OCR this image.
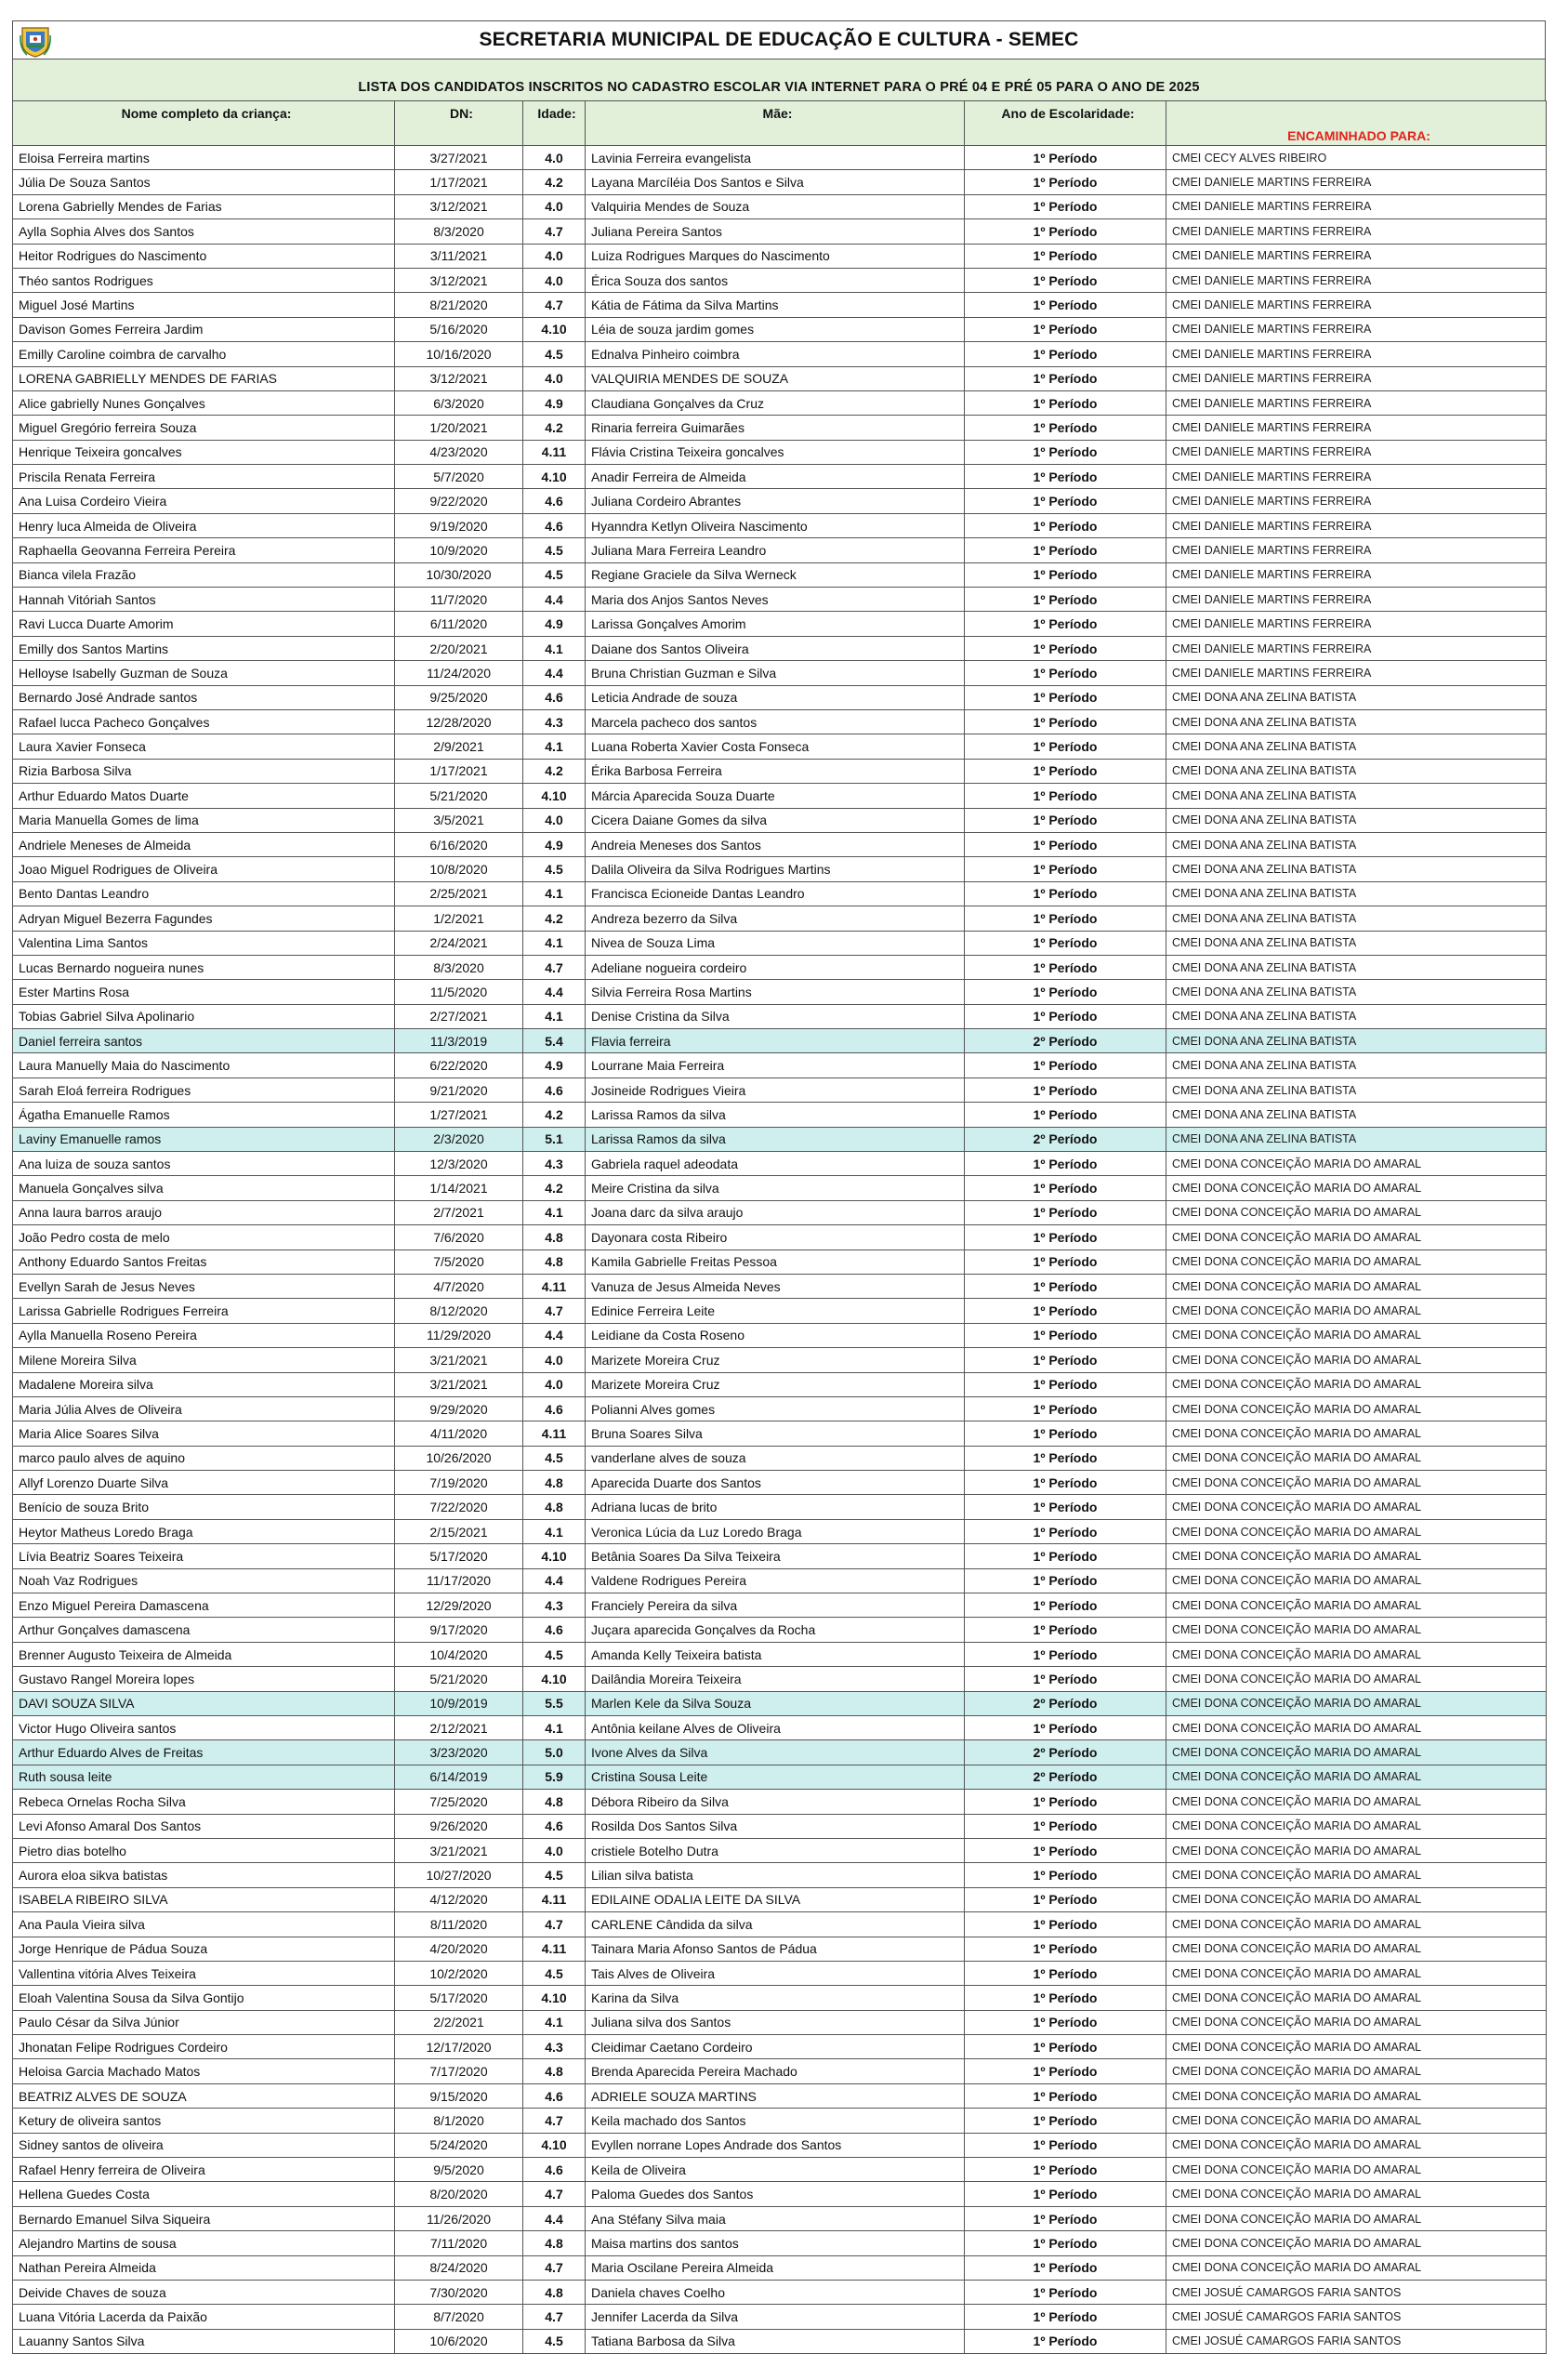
SECRETARIA MUNICIPAL DE EDUCAÇÃO E CULTURA - SEMEC
LISTA DOS CANDIDATOS INSCRITOS NO CADASTRO ESCOLAR VIA INTERNET PARA O PRÉ 04 E PRÉ 05 PARA O ANO DE 2025
Nome completo da criança:	DN:	Idade:	Mãe:	Ano de Escolaridade:	ENCAMINHADO PARA:
Eloisa Ferreira martins	3/27/2021	4.0	Lavinia Ferreira evangelista	1º Período	CMEI CECY ALVES RIBEIRO
Júlia De Souza Santos	1/17/2021	4.2	Layana Marcíléia Dos Santos e Silva	1º Período	CMEI DANIELE MARTINS FERREIRA
Lorena Gabrielly Mendes de Farias	3/12/2021	4.0	Valquiria Mendes de Souza	1º Período	CMEI DANIELE MARTINS FERREIRA
Aylla Sophia Alves dos Santos	8/3/2020	4.7	Juliana Pereira Santos	1º Período	CMEI DANIELE MARTINS FERREIRA
Heitor Rodrigues do Nascimento	3/11/2021	4.0	Luiza Rodrigues Marques do Nascimento	1º Período	CMEI DANIELE MARTINS FERREIRA
Théo santos Rodrigues	3/12/2021	4.0	Érica Souza dos santos	1º Período	CMEI DANIELE MARTINS FERREIRA
Miguel José Martins	8/21/2020	4.7	Kátia de Fátima da Silva Martins	1º Período	CMEI DANIELE MARTINS FERREIRA
Davison Gomes Ferreira Jardim	5/16/2020	4.10	Léia de souza jardim gomes	1º Período	CMEI DANIELE MARTINS FERREIRA
Emilly Caroline coimbra de carvalho	10/16/2020	4.5	Ednalva Pinheiro coimbra	1º Período	CMEI DANIELE MARTINS FERREIRA
LORENA GABRIELLY MENDES DE FARIAS	3/12/2021	4.0	VALQUIRIA MENDES DE SOUZA	1º Período	CMEI DANIELE MARTINS FERREIRA
Alice gabrielly Nunes Gonçalves	6/3/2020	4.9	Claudiana Gonçalves da Cruz	1º Período	CMEI DANIELE MARTINS FERREIRA
Miguel Gregório ferreira Souza	1/20/2021	4.2	Rinaria ferreira Guimarães	1º Período	CMEI DANIELE MARTINS FERREIRA
Henrique Teixeira goncalves	4/23/2020	4.11	Flávia Cristina Teixeira goncalves	1º Período	CMEI DANIELE MARTINS FERREIRA
Priscila Renata Ferreira	5/7/2020	4.10	Anadir Ferreira de Almeida	1º Período	CMEI DANIELE MARTINS FERREIRA
Ana Luisa Cordeiro Vieira	9/22/2020	4.6	Juliana Cordeiro Abrantes	1º Período	CMEI DANIELE MARTINS FERREIRA
Henry luca Almeida de Oliveira	9/19/2020	4.6	Hyanndra Ketlyn Oliveira Nascimento	1º Período	CMEI DANIELE MARTINS FERREIRA
Raphaella Geovanna Ferreira Pereira	10/9/2020	4.5	Juliana Mara Ferreira Leandro	1º Período	CMEI DANIELE MARTINS FERREIRA
Bianca vilela Frazão	10/30/2020	4.5	Regiane Graciele da Silva Werneck	1º Período	CMEI DANIELE MARTINS FERREIRA
Hannah Vitóriah Santos	11/7/2020	4.4	Maria dos Anjos Santos Neves	1º Período	CMEI DANIELE MARTINS FERREIRA
Ravi Lucca Duarte Amorim	6/11/2020	4.9	Larissa Gonçalves Amorim	1º Período	CMEI DANIELE MARTINS FERREIRA
Emilly dos Santos Martins	2/20/2021	4.1	Daiane dos Santos Oliveira	1º Período	CMEI DANIELE MARTINS FERREIRA
Helloyse Isabelly Guzman de Souza	11/24/2020	4.4	Bruna Christian Guzman e Silva	1º Período	CMEI DANIELE MARTINS FERREIRA
Bernardo José Andrade santos	9/25/2020	4.6	Leticia Andrade de souza	1º Período	CMEI DONA ANA ZELINA BATISTA
Rafael lucca Pacheco Gonçalves	12/28/2020	4.3	Marcela pacheco dos santos	1º Período	CMEI DONA ANA ZELINA BATISTA
Laura Xavier Fonseca	2/9/2021	4.1	Luana Roberta Xavier Costa Fonseca	1º Período	CMEI DONA ANA ZELINA BATISTA
Rizia Barbosa Silva	1/17/2021	4.2	Érika Barbosa Ferreira	1º Período	CMEI DONA ANA ZELINA BATISTA
Arthur Eduardo Matos Duarte	5/21/2020	4.10	Márcia Aparecida Souza Duarte	1º Período	CMEI DONA ANA ZELINA BATISTA
Maria Manuella Gomes de lima	3/5/2021	4.0	Cicera Daiane Gomes da silva	1º Período	CMEI DONA ANA ZELINA BATISTA
Andriele Meneses de Almeida	6/16/2020	4.9	Andreia Meneses dos Santos	1º Período	CMEI DONA ANA ZELINA BATISTA
Joao Miguel Rodrigues de Oliveira	10/8/2020	4.5	Dalila Oliveira da Silva Rodrigues Martins	1º Período	CMEI DONA ANA ZELINA BATISTA
Bento Dantas Leandro	2/25/2021	4.1	Francisca Ecioneide Dantas Leandro	1º Período	CMEI DONA ANA ZELINA BATISTA
Adryan Miguel Bezerra Fagundes	1/2/2021	4.2	Andreza bezerro da Silva	1º Período	CMEI DONA ANA ZELINA BATISTA
Valentina Lima Santos	2/24/2021	4.1	Nivea de Souza Lima	1º Período	CMEI DONA ANA ZELINA BATISTA
Lucas Bernardo nogueira nunes	8/3/2020	4.7	Adeliane nogueira cordeiro	1º Período	CMEI DONA ANA ZELINA BATISTA
Ester Martins Rosa	11/5/2020	4.4	Silvia Ferreira Rosa Martins	1º Período	CMEI DONA ANA ZELINA BATISTA
Tobias Gabriel Silva Apolinario	2/27/2021	4.1	Denise Cristina da Silva	1º Período	CMEI DONA ANA ZELINA BATISTA
Daniel ferreira santos	11/3/2019	5.4	Flavia ferreira	2º Período	CMEI DONA ANA ZELINA BATISTA
Laura Manuelly Maia do Nascimento	6/22/2020	4.9	Lourrane Maia Ferreira	1º Período	CMEI DONA ANA ZELINA BATISTA
Sarah Eloá ferreira Rodrigues	9/21/2020	4.6	Josineide Rodrigues Vieira	1º Período	CMEI DONA ANA ZELINA BATISTA
Ágatha Emanuelle Ramos	1/27/2021	4.2	Larissa Ramos da silva	1º Período	CMEI DONA ANA ZELINA BATISTA
Laviny Emanuelle ramos	2/3/2020	5.1	Larissa Ramos da silva	2º Período	CMEI DONA ANA ZELINA BATISTA
Ana luiza de souza santos	12/3/2020	4.3	Gabriela raquel adeodata	1º Período	CMEI DONA CONCEIÇÃO MARIA DO AMARAL
Manuela Gonçalves silva	1/14/2021	4.2	Meire Cristina da silva	1º Período	CMEI DONA CONCEIÇÃO MARIA DO AMARAL
Anna laura barros araujo	2/7/2021	4.1	Joana darc da silva araujo	1º Período	CMEI DONA CONCEIÇÃO MARIA DO AMARAL
João Pedro costa de melo	7/6/2020	4.8	Dayonara costa Ribeiro	1º Período	CMEI DONA CONCEIÇÃO MARIA DO AMARAL
Anthony Eduardo Santos Freitas	7/5/2020	4.8	Kamila Gabrielle Freitas Pessoa	1º Período	CMEI DONA CONCEIÇÃO MARIA DO AMARAL
Evellyn Sarah de Jesus Neves	4/7/2020	4.11	Vanuza de Jesus Almeida Neves	1º Período	CMEI DONA CONCEIÇÃO MARIA DO AMARAL
Larissa Gabrielle Rodrigues Ferreira	8/12/2020	4.7	Edinice Ferreira Leite	1º Período	CMEI DONA CONCEIÇÃO MARIA DO AMARAL
Aylla Manuella Roseno Pereira	11/29/2020	4.4	Leidiane da Costa Roseno	1º Período	CMEI DONA CONCEIÇÃO MARIA DO AMARAL
Milene Moreira Silva	3/21/2021	4.0	Marizete Moreira Cruz	1º Período	CMEI DONA CONCEIÇÃO MARIA DO AMARAL
Madalene Moreira silva	3/21/2021	4.0	Marizete Moreira Cruz	1º Período	CMEI DONA CONCEIÇÃO MARIA DO AMARAL
Maria Júlia Alves de Oliveira	9/29/2020	4.6	Polianni Alves gomes	1º Período	CMEI DONA CONCEIÇÃO MARIA DO AMARAL
Maria Alice Soares Silva	4/11/2020	4.11	Bruna Soares Silva	1º Período	CMEI DONA CONCEIÇÃO MARIA DO AMARAL
marco paulo alves de aquino	10/26/2020	4.5	vanderlane alves de souza	1º Período	CMEI DONA CONCEIÇÃO MARIA DO AMARAL
Allyf Lorenzo Duarte Silva	7/19/2020	4.8	Aparecida Duarte dos Santos	1º Período	CMEI DONA CONCEIÇÃO MARIA DO AMARAL
Benício de souza Brito	7/22/2020	4.8	Adriana lucas de brito	1º Período	CMEI DONA CONCEIÇÃO MARIA DO AMARAL
Heytor Matheus Loredo Braga	2/15/2021	4.1	Veronica Lúcia da Luz Loredo Braga	1º Período	CMEI DONA CONCEIÇÃO MARIA DO AMARAL
Lívia Beatriz Soares Teixeira	5/17/2020	4.10	Betânia Soares Da Silva Teixeira	1º Período	CMEI DONA CONCEIÇÃO MARIA DO AMARAL
Noah Vaz Rodrigues	11/17/2020	4.4	Valdene Rodrigues Pereira	1º Período	CMEI DONA CONCEIÇÃO MARIA DO AMARAL
Enzo Miguel Pereira Damascena	12/29/2020	4.3	Franciely Pereira da silva	1º Período	CMEI DONA CONCEIÇÃO MARIA DO AMARAL
Arthur Gonçalves damascena	9/17/2020	4.6	Juçara aparecida Gonçalves da Rocha	1º Período	CMEI DONA CONCEIÇÃO MARIA DO AMARAL
Brenner Augusto Teixeira de Almeida	10/4/2020	4.5	Amanda Kelly Teixeira batista	1º Período	CMEI DONA CONCEIÇÃO MARIA DO AMARAL
Gustavo Rangel Moreira lopes	5/21/2020	4.10	Dailândia Moreira Teixeira	1º Período	CMEI DONA CONCEIÇÃO MARIA DO AMARAL
DAVI SOUZA SILVA	10/9/2019	5.5	Marlen Kele da Silva Souza	2º Período	CMEI DONA CONCEIÇÃO MARIA DO AMARAL
Victor Hugo Oliveira santos	2/12/2021	4.1	Antônia keilane Alves de Oliveira	1º Período	CMEI DONA CONCEIÇÃO MARIA DO AMARAL
Arthur Eduardo Alves de Freitas	3/23/2020	5.0	Ivone Alves da Silva	2º Período	CMEI DONA CONCEIÇÃO MARIA DO AMARAL
Ruth sousa leite	6/14/2019	5.9	Cristina Sousa Leite	2º Período	CMEI DONA CONCEIÇÃO MARIA DO AMARAL
Rebeca Ornelas Rocha Silva	7/25/2020	4.8	Débora Ribeiro da Silva	1º Período	CMEI DONA CONCEIÇÃO MARIA DO AMARAL
Levi Afonso Amaral Dos Santos	9/26/2020	4.6	Rosilda Dos Santos Silva	1º Período	CMEI DONA CONCEIÇÃO MARIA DO AMARAL
Pietro dias botelho	3/21/2021	4.0	cristiele Botelho Dutra	1º Período	CMEI DONA CONCEIÇÃO MARIA DO AMARAL
Aurora eloa sikva batistas	10/27/2020	4.5	Lilian silva batista	1º Período	CMEI DONA CONCEIÇÃO MARIA DO AMARAL
ISABELA RIBEIRO SILVA	4/12/2020	4.11	EDILAINE ODALIA LEITE DA SILVA	1º Período	CMEI DONA CONCEIÇÃO MARIA DO AMARAL
Ana Paula Vieira silva	8/11/2020	4.7	CARLENE Cândida da silva	1º Período	CMEI DONA CONCEIÇÃO MARIA DO AMARAL
Jorge Henrique de Pádua Souza	4/20/2020	4.11	Tainara Maria Afonso Santos de Pádua	1º Período	CMEI DONA CONCEIÇÃO MARIA DO AMARAL
Vallentina vitória Alves Teixeira	10/2/2020	4.5	Tais Alves de Oliveira	1º Período	CMEI DONA CONCEIÇÃO MARIA DO AMARAL
Eloah Valentina Sousa da Silva Gontijo	5/17/2020	4.10	Karina da Silva	1º Período	CMEI DONA CONCEIÇÃO MARIA DO AMARAL
Paulo César da Silva Júnior	2/2/2021	4.1	Juliana silva dos Santos	1º Período	CMEI DONA CONCEIÇÃO MARIA DO AMARAL
Jhonatan Felipe Rodrigues Cordeiro	12/17/2020	4.3	Cleidimar Caetano Cordeiro	1º Período	CMEI DONA CONCEIÇÃO MARIA DO AMARAL
Heloisa Garcia Machado Matos	7/17/2020	4.8	Brenda Aparecida Pereira Machado	1º Período	CMEI DONA CONCEIÇÃO MARIA DO AMARAL
BEATRIZ ALVES DE SOUZA	9/15/2020	4.6	ADRIELE SOUZA MARTINS	1º Período	CMEI DONA CONCEIÇÃO MARIA DO AMARAL
Ketury de oliveira santos	8/1/2020	4.7	Keila machado dos Santos	1º Período	CMEI DONA CONCEIÇÃO MARIA DO AMARAL
Sidney santos de oliveira	5/24/2020	4.10	Evyllen norrane Lopes Andrade dos Santos	1º Período	CMEI DONA CONCEIÇÃO MARIA DO AMARAL
Rafael Henry ferreira de Oliveira	9/5/2020	4.6	Keila de Oliveira	1º Período	CMEI DONA CONCEIÇÃO MARIA DO AMARAL
Hellena Guedes Costa	8/20/2020	4.7	Paloma Guedes dos Santos	1º Período	CMEI DONA CONCEIÇÃO MARIA DO AMARAL
Bernardo Emanuel Silva Siqueira	11/26/2020	4.4	Ana Stéfany Silva maia	1º Período	CMEI DONA CONCEIÇÃO MARIA DO AMARAL
Alejandro Martins de sousa	7/11/2020	4.8	Maisa martins dos santos	1º Período	CMEI DONA CONCEIÇÃO MARIA DO AMARAL
Nathan Pereira Almeida	8/24/2020	4.7	Maria Oscilane Pereira Almeida	1º Período	CMEI DONA CONCEIÇÃO MARIA DO AMARAL
Deivide Chaves de souza	7/30/2020	4.8	Daniela chaves Coelho	1º Período	CMEI JOSUÉ CAMARGOS FARIA SANTOS
Luana Vitória Lacerda da Paixão	8/7/2020	4.7	Jennifer Lacerda da Silva	1º Período	CMEI JOSUÉ CAMARGOS FARIA SANTOS
Lauanny Santos Silva	10/6/2020	4.5	Tatiana Barbosa da Silva	1º Período	CMEI JOSUÉ CAMARGOS FARIA SANTOS
